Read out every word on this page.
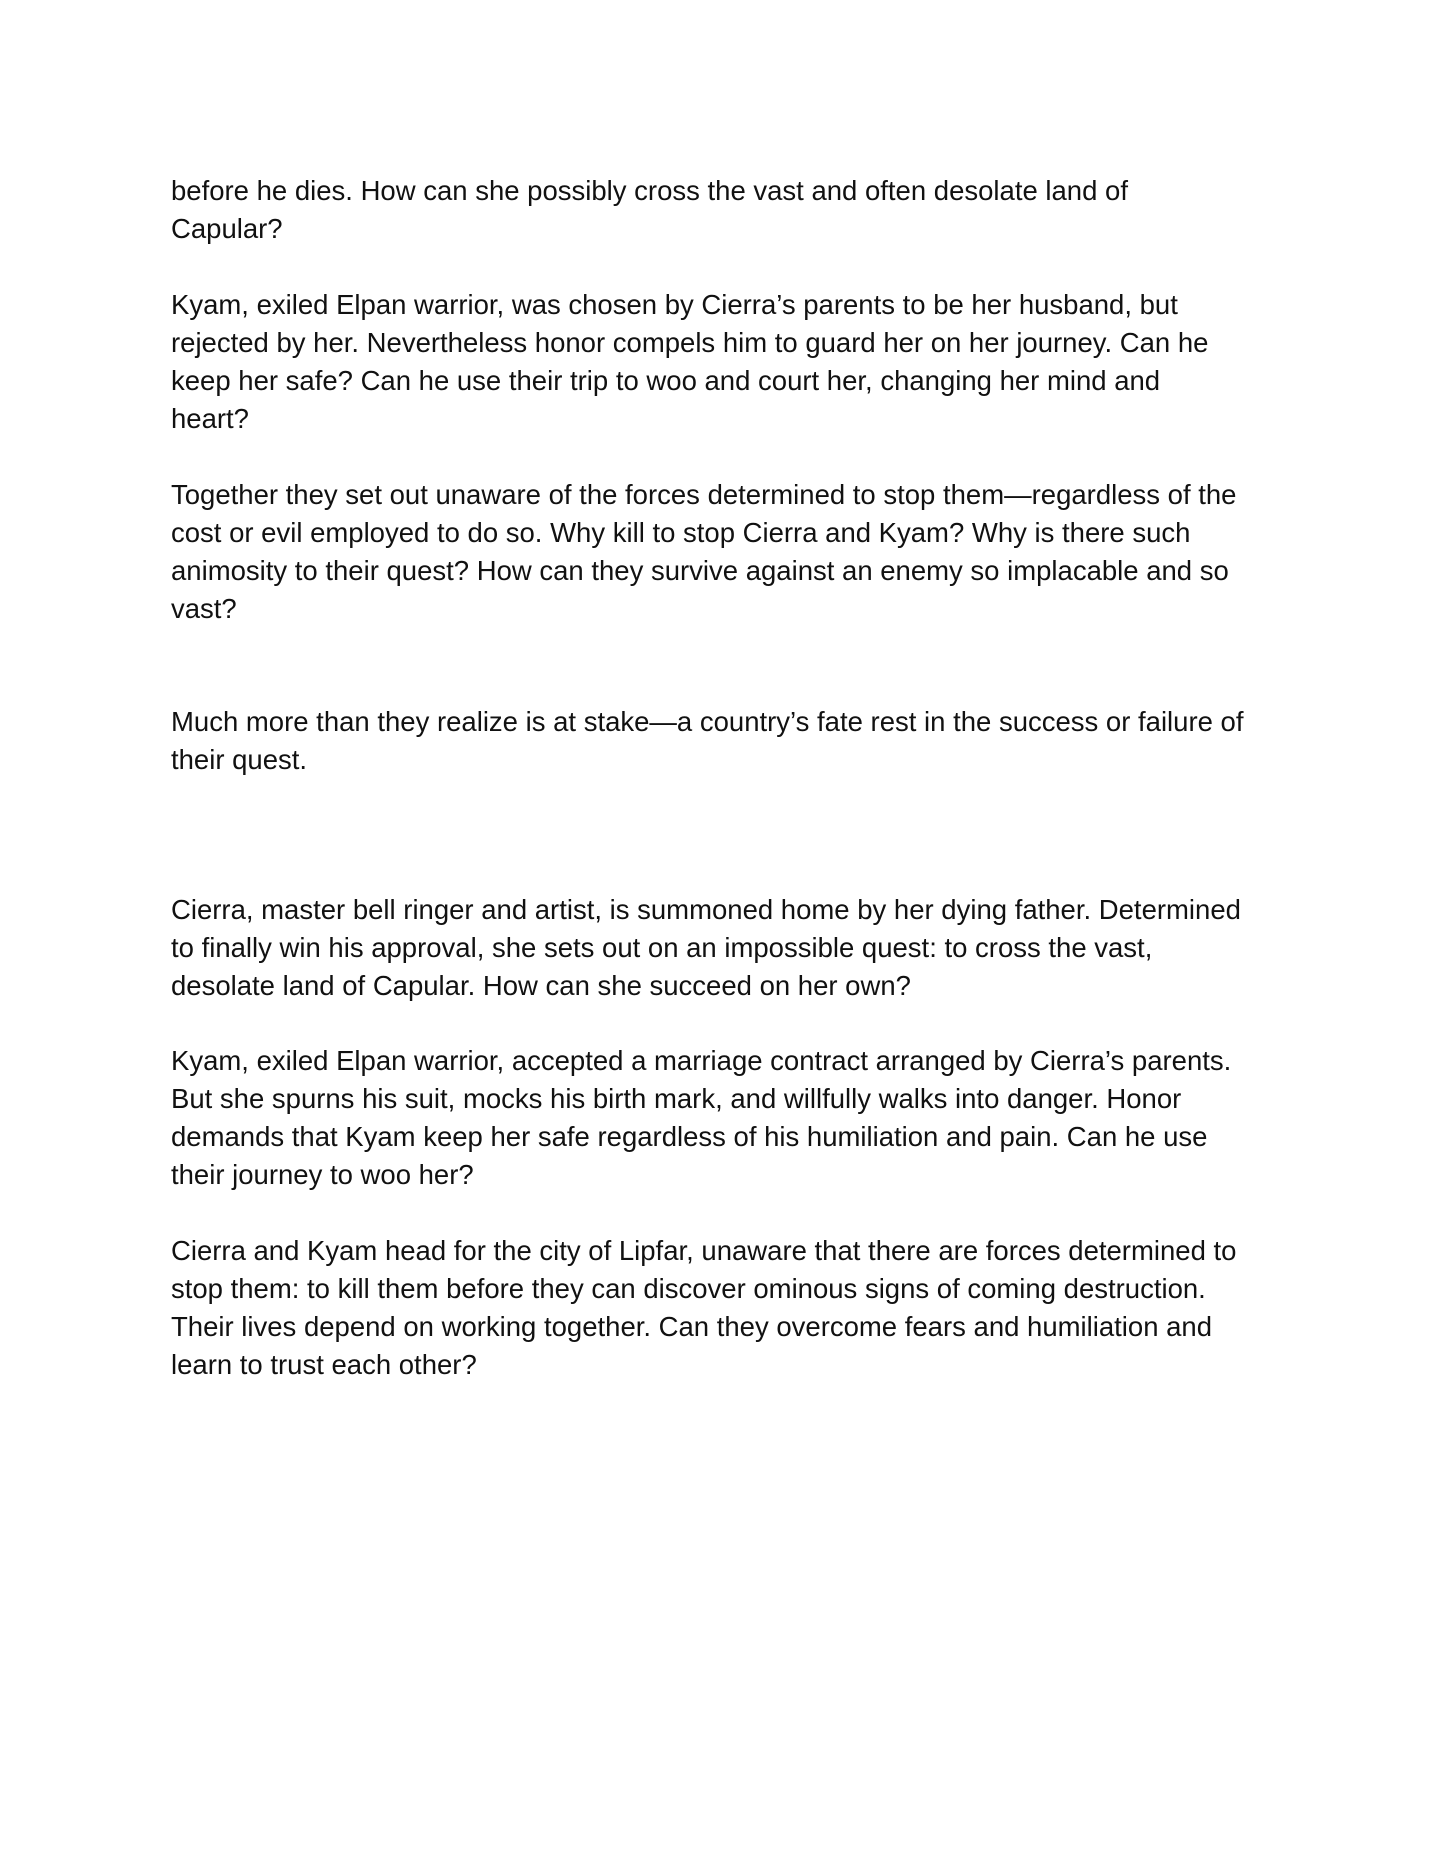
before he dies. How can she possibly cross the vast and often desolate land of
Capular?

Kyam, exiled Elpan warrior, was chosen by Cierra’s parents to be her husband, but
rejected by her. Nevertheless honor compels him to guard her on her journey. Can he
keep her safe? Can he use their trip to woo and court her, changing her mind and
heart?

Together they set out unaware of the forces determined to stop them—regardless of the
cost or evil employed to do so. Why kill to stop Cierra and Kyam? Why is there such
animosity to their quest? How can they survive against an enemy so implacable and so
vast?

Much more than they realize is at stake—a country’s fate rest in the success or failure of
their quest.

Cierra, master bell ringer and artist, is summoned home by her dying father. Determined
to finally win his approval, she sets out on an impossible quest: to cross the vast,
desolate land of Capular. How can she succeed on her own?

Kyam, exiled Elpan warrior, accepted a marriage contract arranged by Cierra’s parents.
But she spurns his suit, mocks his birth mark, and willfully walks into danger. Honor
demands that Kyam keep her safe regardless of his humiliation and pain. Can he use
their journey to woo her?

Cierra and Kyam head for the city of Lipfar, unaware that there are forces determined to
stop them: to kill them before they can discover ominous signs of coming destruction.
Their lives depend on working together. Can they overcome fears and humiliation and
learn to trust each other?
